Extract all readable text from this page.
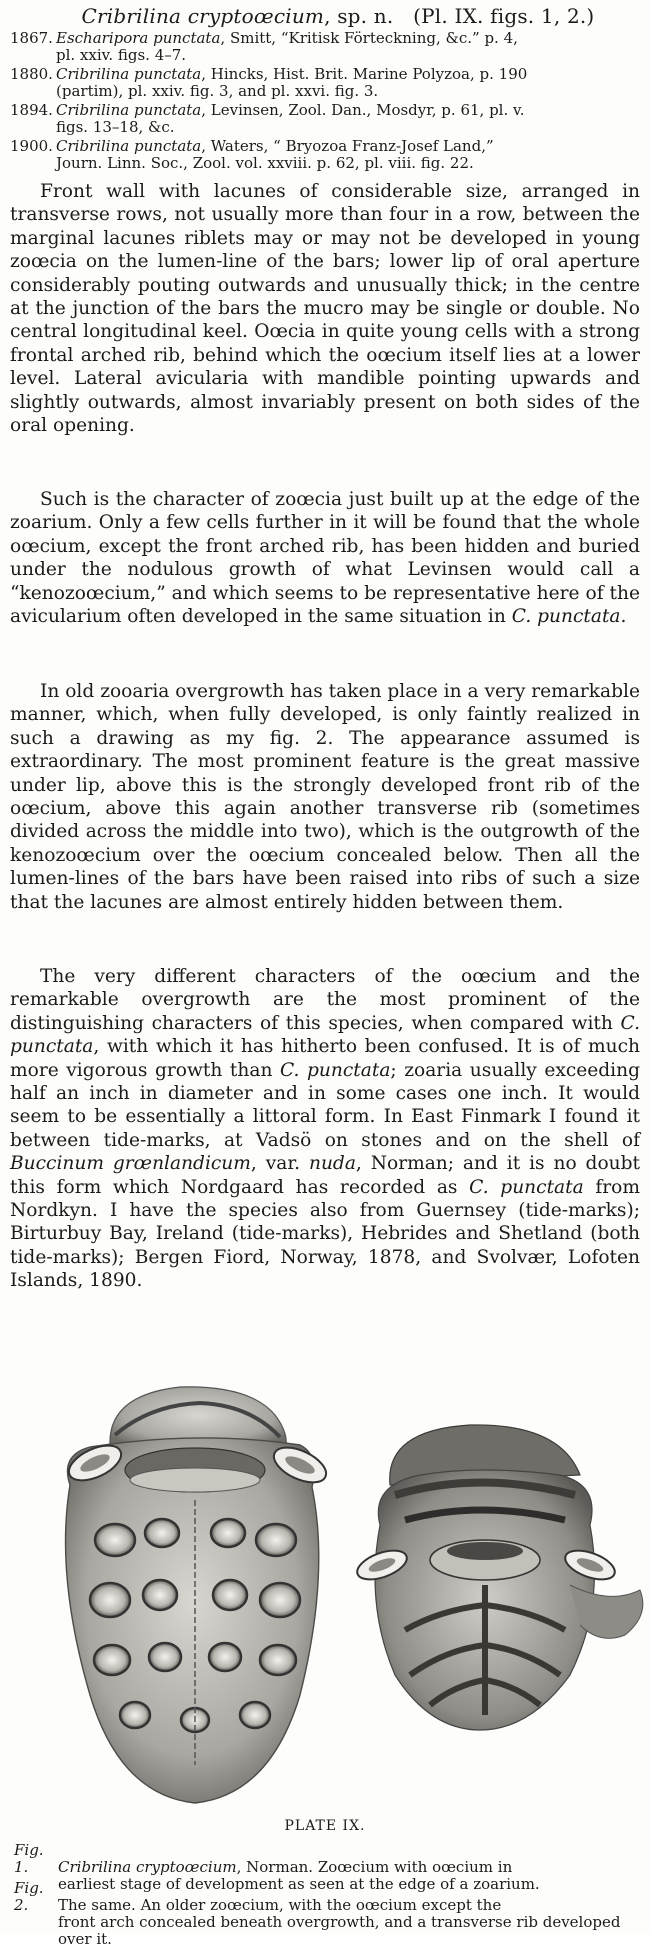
Cribrilina cryptoœcium, sp. n. (Pl. IX. figs. 1, 2.)
1867. Escharipora punctata, Smitt, “Kritisk Förteckning, &c.” p. 4,
pl. xxiv. figs. 4–7.
1880. Cribrilina punctata, Hincks, Hist. Brit. Marine Polyzoa, p. 190
(partim), pl. xxiv. fig. 3, and pl. xxvi. fig. 3.
1894. Cribrilina punctata, Levinsen, Zool. Dan., Mosdyr, p. 61, pl. v.
figs. 13–18, &c.
1900. Cribrilina punctata, Waters, “ Bryozoa Franz-Josef Land,”
Journ. Linn. Soc., Zool. vol. xxviii. p. 62, pl. viii. fig. 22.
Front wall with lacunes of considerable size, arranged in transverse rows, not usually more than four in a row, between the marginal lacunes riblets may or may not be developed in young zoœcia on the lumen-line of the bars; lower lip of oral aperture considerably pouting outwards and unusually thick; in the centre at the junction of the bars the mucro may be single or double. No central longitudinal keel. Oœcia in quite young cells with a strong frontal arched rib, behind which the oœcium itself lies at a lower level. Lateral avicularia with mandible pointing upwards and slightly outwards, almost invariably present on both sides of the oral opening.
Such is the character of zoœcia just built up at the edge of the zoarium. Only a few cells further in it will be found that the whole oœcium, except the front arched rib, has been hidden and buried under the nodulous growth of what Levinsen would call a “kenozoœcium,” and which seems to be representative here of the avicularium often developed in the same situation in C. punctata.
In old zooaria overgrowth has taken place in a very remarkable manner, which, when fully developed, is only faintly realized in such a drawing as my fig. 2. The appearance assumed is extraordinary. The most prominent feature is the great massive under lip, above this is the strongly developed front rib of the oœcium, above this again another transverse rib (sometimes divided across the middle into two), which is the outgrowth of the kenozoœcium over the oœcium concealed below. Then all the lumen-lines of the bars have been raised into ribs of such a size that the lacunes are almost entirely hidden between them.
The very different characters of the oœcium and the remarkable overgrowth are the most prominent of the distinguishing characters of this species, when compared with C. punctata, with which it has hitherto been confused. It is of much more vigorous growth than C. punctata; zoaria usually exceeding half an inch in diameter and in some cases one inch. It would seem to be essentially a littoral form. In East Finmark I found it between tide-marks, at Vadsö on stones and on the shell of Buccinum grœnlandicum, var. nuda, Norman; and it is no doubt this form which Nordgaard has recorded as C. punctata from Nordkyn. I have the species also from Guernsey (tide-marks); Birturbuy Bay, Ireland (tide-marks), Hebrides and Shetland (both tide-marks); Bergen Fiord, Norway, 1878, and Svolvær, Lofoten Islands, 1890.
PLATE IX.
Fig. 1. Cribrilina cryptoœcium, Norman. Zoœcium with oœcium in
earliest stage of development as seen at the edge of a zoarium.
Fig. 2. The same. An older zoœcium, with the oœcium except the
front arch concealed beneath overgrowth, and a transverse rib developed over it.
